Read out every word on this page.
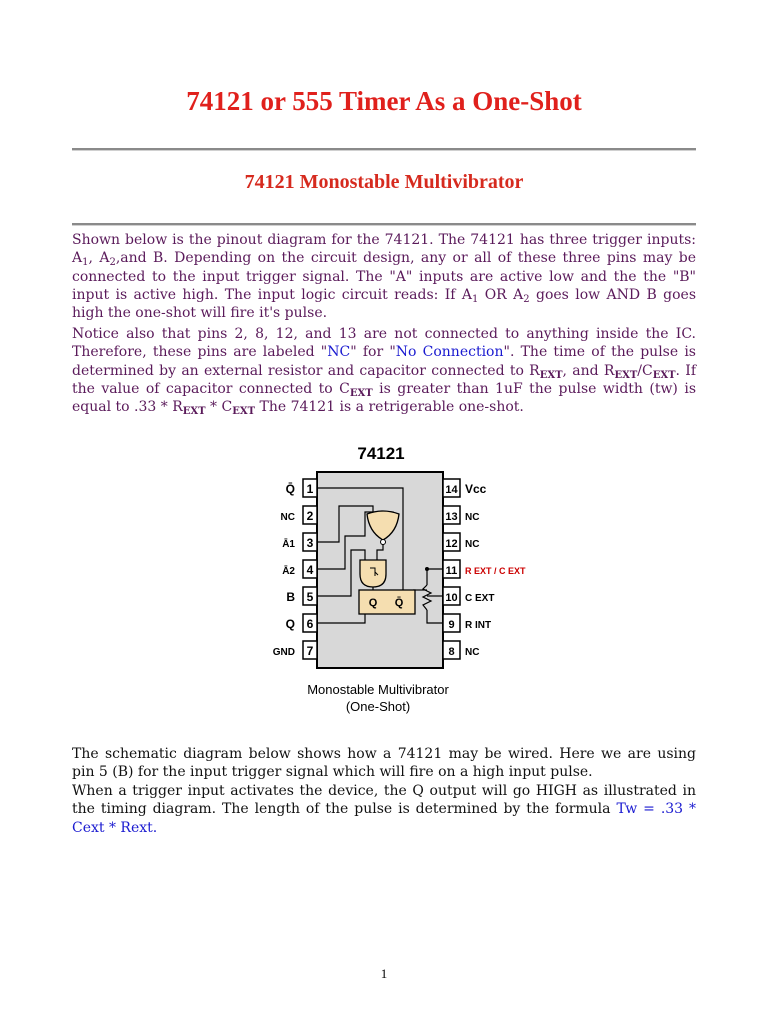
74121 or 555 Timer As a One-Shot
74121 Monostable Multivibrator

Shown below is the pinout diagram for the 74121. The 74121 has three trigger inputs: $A_1$, $A_2,and$ B. Depending on the circuit design, any or all of these three pins may be connected to the input trigger signal. The "A" inputs are active low and the the "B" input is active high. The input logic circuit reads: If $A_1$ OR $A_2$ goes low AND B goes high the one-shot will fire it's pulse.

Notice also that pins 2, 8, 12, and 13 are not connected to anything inside the IC. Therefore, these pins are labeled "NC" for "No Connection". The time of the pulse is determined by an external resistor and capacitor connected to $R_{EXT}$, and $R_{EXT}/C_{EXT}$. If the value of capacitor connected to $C_{EXT}$ is greater than 1uF the pulse width (tw) is equal to $.33 * R_{EXT} * C_{EXT}$ The 74121 is a retrigerable one-shot.

74121
1
Q̄
2
NC
3
Ā1
4
Ā2
5
B
6
Q
7
GND
14 Vcc
13 NC
12 NC
11 R EXT / C EXT
10 C EXT
9 R INT
8 NC
Q Q̄
Monostable Multivibrator
(One-Shot)

The schematic diagram below shows how a 74121 may be wired. Here we are using pin 5 (B) for the input trigger signal which will fire on a high input pulse.

When a trigger input activates the device, the Q output will go HIGH as illustrated in the timing diagram. The length of the pulse is determined by the formula Tw = .33 * Cext * Rext.

1
